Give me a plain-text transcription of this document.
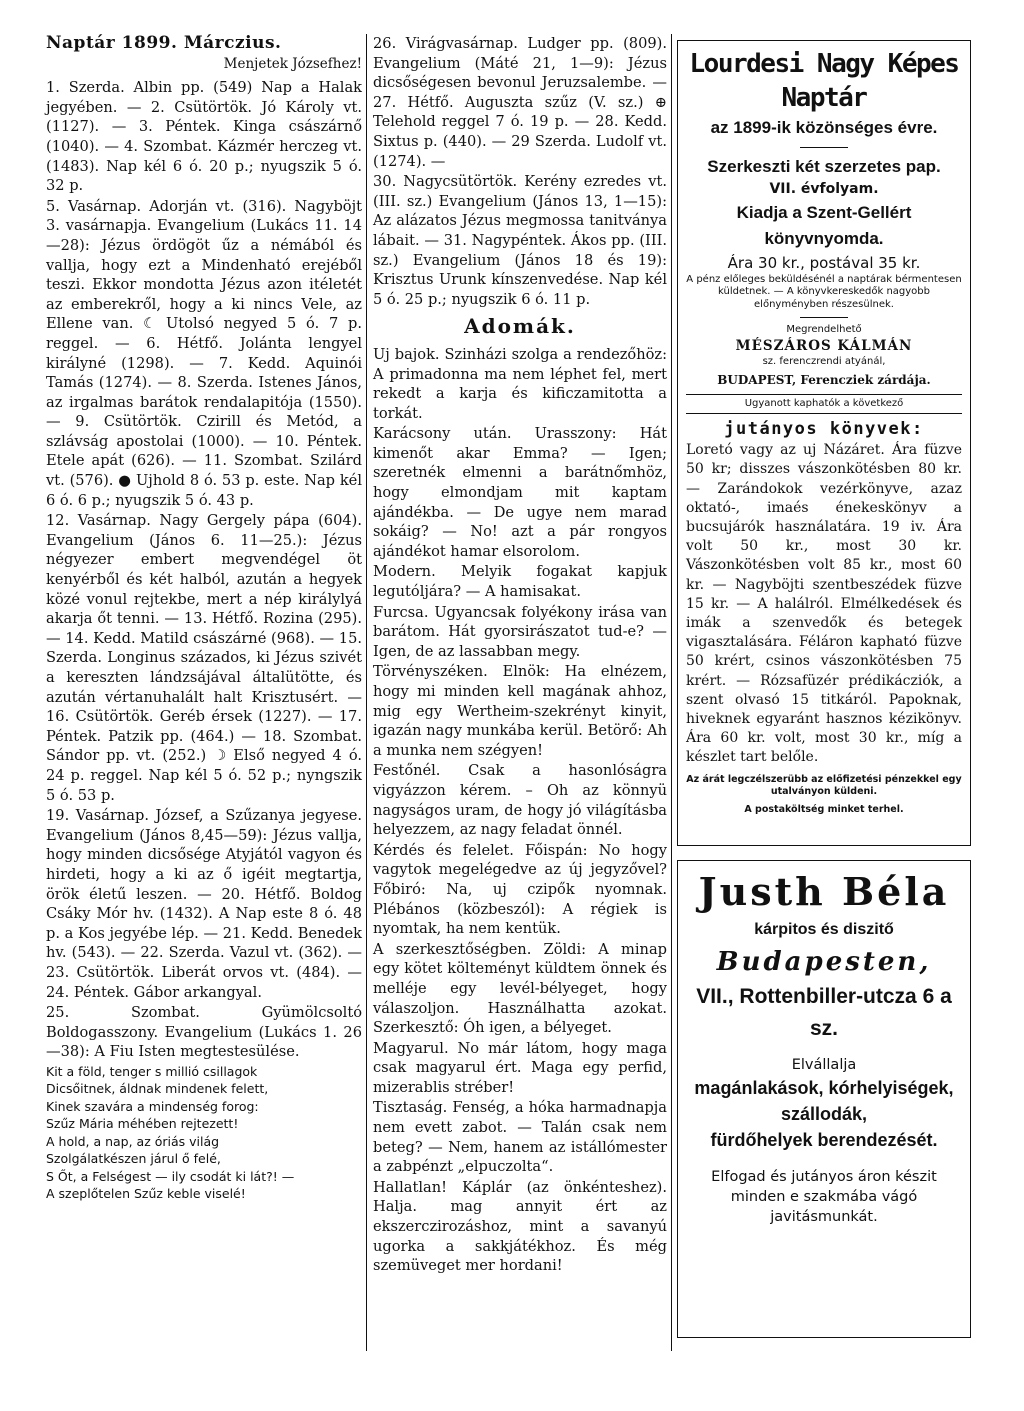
Naptár 1899. Márczius.

Menjetek Józsefhez!

1. Szerda. Albin pp. (549) Nap a Halak jegyében. — 2. Csütörtök. Jó Károly vt. (1127). — 3. Péntek. Kinga császárnő (1040). — 4. Szombat. Kázmér herczeg vt. (1483). Nap kél 6 ó. 20 p.; nyugszik 5 ó. 32 p.

5. Vasárnap. Adorján vt. (316). Nagyböjt 3. vasárnapja. Evangelium (Lukács 11. 14—28): Jézus ördögöt űz a némából és vallja, hogy ezt a Mindenható erejéből teszi. Ekkor mondotta Jézus azon itéletét az emberekről, hogy a ki nincs Vele, az Ellene van. ☾ Utolsó negyed 5 ó. 7 p. reggel. — 6. Hétfő. Jolánta lengyel királyné (1298). — 7. Kedd. Aquinói Tamás (1274). — 8. Szerda. Istenes János, az irgalmas barátok rendalapitója (1550). — 9. Csütörtök. Czirill és Metód, a szlávság apostolai (1000). — 10. Péntek. Etele apát (626). — 11. Szombat. Szilárd vt. (576). ● Ujhold 8 ó. 53 p. este. Nap kél 6 ó. 6 p.; nyugszik 5 ó. 43 p.

12. Vasárnap. Nagy Gergely pápa (604). Evangelium (János 6. 11—25.): Jézus négyezer embert megvendégel öt kenyérből és két halból, azután a hegyek közé vonul rejtekbe, mert a nép királylyá akarja őt tenni. — 13. Hétfő. Rozina (295). — 14. Kedd. Matild császárné (968). — 15. Szerda. Longinus százados, ki Jézus szivét a kereszten lándzsájával általütötte, és azután vértanuhalált halt Krisztusért. — 16. Csütörtök. Geréb érsek (1227). — 17. Péntek. Patzik pp. (464.) — 18. Szombat. Sándor pp. vt. (252.) ☽ Első negyed 4 ó. 24 p. reggel. Nap kél 5 ó. 52 p.; nyngszik 5 ó. 53 p.

19. Vasárnap. József, a Szűzanya jegyese. Evangelium (János 8,45—59): Jézus vallja, hogy minden dicsősége Atyjától vagyon és hirdeti, hogy a ki az ő igéit megtartja, örök életű leszen. — 20. Hétfő. Boldog Csáky Mór hv. (1432). A Nap este 8 ó. 48 p. a Kos jegyébe lép. — 21. Kedd. Benedek hv. (543). — 22. Szerda. Vazul vt. (362). — 23. Csütörtök. Liberát orvos vt. (484). — 24. Péntek. Gábor arkangyal.

25. Szombat. Gyümölcsoltó Boldogasszony. Evangelium (Lukács 1. 26—38): A Fiu Isten megtestesülése.

Kit a föld, tenger s millió csillagok
Dicsőitnek, áldnak mindenek felett,
Kinek szavára a mindenség forog:
Szűz Mária méhében rejtezett!
A hold, a nap, az óriás világ
Szolgálatkészen járul ő felé,
S Őt, a Felségest — ily csodát ki lát?! —
A szeplőtelen Szűz keble viselé!

26. Virágvasárnap. Ludger pp. (809). Evangelium (Máté 21, 1—9): Jézus dicsőségesen bevonul Jeruzsalembe. — 27. Hétfő. Auguszta szűz (V. sz.) ⊕ Telehold reggel 7 ó. 19 p. — 28. Kedd. Sixtus p. (440). — 29 Szerda. Ludolf vt. (1274). —

30. Nagycsütörtök. Kerény ezredes vt. (III. sz.) Evangelium (János 13, 1—15): Az alázatos Jézus megmossa tanitványa lábait. — 31. Nagypéntek. Ákos pp. (III. sz.) Evangelium (János 18 és 19): Krisztus Urunk kínszenvedése. Nap kél 5 ó. 25 p.; nyugszik 6 ó. 11 p.

Adomák.

Uj bajok. Szinházi szolga a rendezőhöz: A primadonna ma nem léphet fel, mert rekedt a karja és kificzamitotta a torkát.

Karácsony után. Urasszony: Hát kimenőt akar Emma? — Igen; szeretnék elmenni a barátnőmhöz, hogy elmondjam mit kaptam ajándékba. — De ugye nem marad sokáig? — No! azt a pár rongyos ajándékot hamar elsorolom.

Modern. Melyik fogakat kapjuk legutóljára? — A hamisakat.

Furcsa. Ugyancsak folyékony irása van barátom. Hát gyorsirászatot tud-e? — Igen, de az lassabban megy.

Törvényszéken. Elnök: Ha elnézem, hogy mi minden kell magának ahhoz, mig egy Wertheim-szekrényt kinyit, igazán nagy munkába kerül. Betörő: Ah a munka nem szégyen!

Festőnél. Csak a hasonlóságra vigyázzon kérem. – Oh az könnyü nagyságos uram, de hogy jó világításba helyezzem, az nagy feladat önnél.

Kérdés és felelet. Főispán: No hogy vagytok megelégedve az új jegyzővel? Főbiró: Na, uj czipők nyomnak. Plébános (közbeszól): A régiek is nyomtak, ha nem kentük.

A szerkesztőségben. Zöldi: A minap egy kötet költeményt küldtem önnek és melléje egy levél-bélyeget, hogy válaszoljon. Használhatta azokat. Szerkesztő: Óh igen, a bélyeget.

Magyarul. No már látom, hogy maga csak magyarul ért. Maga egy perfid, mizerablis stréber!

Tisztaság. Fenség, a hóka harmadnapja nem evett zabot. — Talán csak nem beteg? — Nem, hanem az istállómester a zabpénzt „elpuczolta“.

Hallatlan! Káplár (az önkénteshez). Halja. mag annyit ért az ekszerczirozáshoz, mint a savanyú ugorka a sakkjátékhoz. És még szemüveget mer hordani!

Lourdesi Nagy Képes Naptár
az 1899-ik közönséges évre.
Szerkeszti két szerzetes pap.
VII. évfolyam.
Kiadja a Szent-Gellért könyvnyomda.
Ára 30 kr., postával 35 kr.
A pénz előleges beküldésénél a naptárak bérmentesen küldetnek. — A könyvkereskedők nagyobb előnyményben részesülnek.
Megrendelhető
MÉSZÁROS KÁLMÁN
sz. ferenczrendi atyánál,
BUDAPEST, Ferencziek zárdája.
Ugyanott kaphatók a következő
jutányos könyvek:
Loretó vagy az uj Názáret. Ára füzve 50 kr; disszes vászonkötésben 80 kr. — Zarándokok vezérkönyve, azaz oktató-, imaés énekeskönyv a bucsujárók használatára. 19 iv. Ára volt 50 kr., most 30 kr. Vászonkötésben volt 85 kr., most 60 kr. — Nagyböjti szentbeszédek füzve 15 kr. — A halálról. Elmélkedések és imák a szenvedők és betegek vigasztalására. Féláron kapható füzve 50 krért, csinos vászonkötésben 75 krért. — Rózsafüzér prédikácziók, a szent olvasó 15 titkáról. Papoknak, hiveknek egyaránt hasznos kézikönyv. Ára 60 kr. volt, most 30 kr., míg a készlet tart belőle.
Az árát legczélszerübb az előfizetési pénzekkel egy utalványon küldeni.
A postaköltség minket terhel.
Justh Béla
kárpitos és diszitő
Budapesten,
VII., Rottenbiller-utcza 6 a sz.
Elvállalja
magánlakások, kórhelyiségek,
szállodák,
fürdőhelyek berendezését.
Elfogad és jutányos áron készit minden e szakmába vágó javitásmunkát.
